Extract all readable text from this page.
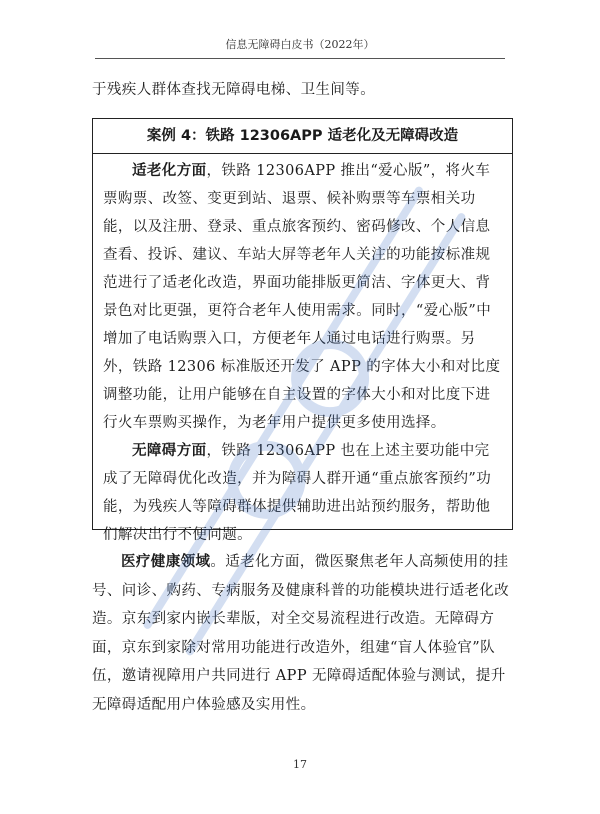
信息无障碍白皮书（2022年）

于残疾人群体查找无障碍电梯、卫生间等。

案例 4：铁路 12306APP 适老化及无障碍改造

适老化方面，铁路 12306APP 推出“爱心版”，将火车票购票、改签、变更到站、退票、候补购票等车票相关功能，以及注册、登录、重点旅客预约、密码修改、个人信息查看、投诉、建议、车站大屏等老年人关注的功能按标准规范进行了适老化改造，界面功能排版更简洁、字体更大、背景色对比更强，更符合老年人使用需求。同时，“爱心版”中增加了电话购票入口，方便老年人通过电话进行购票。另外，铁路 12306 标准版还开发了 APP 的字体大小和对比度调整功能，让用户能够在自主设置的字体大小和对比度下进行火车票购买操作，为老年用户提供更多使用选择。

无障碍方面，铁路 12306APP 也在上述主要功能中完成了无障碍优化改造，并为障碍人群开通“重点旅客预约”功能，为残疾人等障碍群体提供辅助进出站预约服务，帮助他们解决出行不便问题。

医疗健康领域。适老化方面，微医聚焦老年人高频使用的挂号、问诊、购药、专病服务及健康科普的功能模块进行适老化改造。京东到家内嵌长辈版，对全交易流程进行改造。无障碍方面，京东到家除对常用功能进行改造外，组建“盲人体验官”队伍，邀请视障用户共同进行 APP 无障碍适配体验与测试，提升无障碍适配用户体验感及实用性。

17
